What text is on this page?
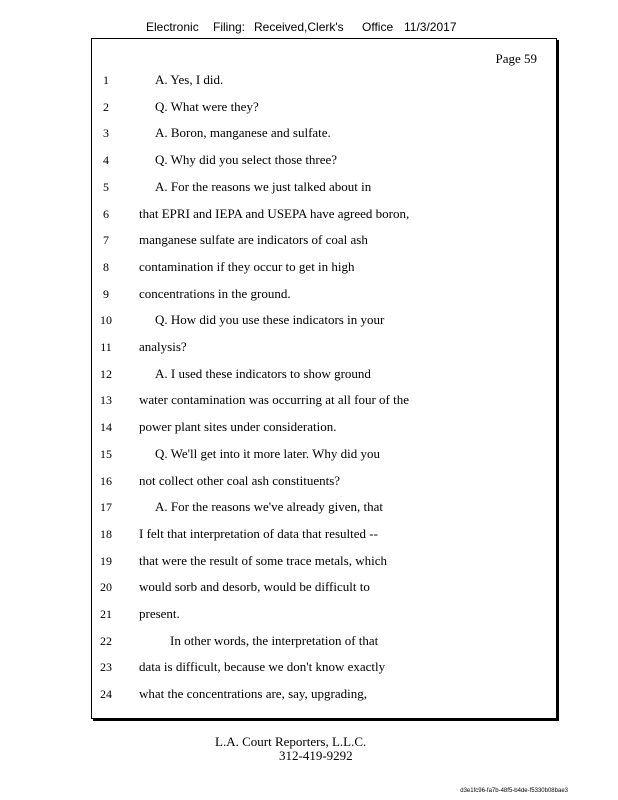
Electronic Filing: Received,Clerk's Office 11/3/2017
Page 59
1	A. Yes, I did.
2	Q. What were they?
3	A. Boron, manganese and sulfate.
4	Q. Why did you select those three?
5	A. For the reasons we just talked about in
6	that EPRI and IEPA and USEPA have agreed boron,
7	manganese sulfate are indicators of coal ash
8	contamination if they occur to get in high
9	concentrations in the ground.
10	Q. How did you use these indicators in your
11	analysis?
12	A. I used these indicators to show ground
13	water contamination was occurring at all four of the
14	power plant sites under consideration.
15	Q. We'll get into it more later. Why did you
16	not collect other coal ash constituents?
17	A. For the reasons we've already given, that
18	I felt that interpretation of data that resulted --
19	that were the result of some trace metals, which
20	would sorb and desorb, would be difficult to
21	present.
22	In other words, the interpretation of that
23	data is difficult, because we don't know exactly
24	what the concentrations are, say, upgrading,
L.A. Court Reporters, L.L.C.
312-419-9292
d3e1fc96-fa7b-48f5-b4de-f5330b08bae3
